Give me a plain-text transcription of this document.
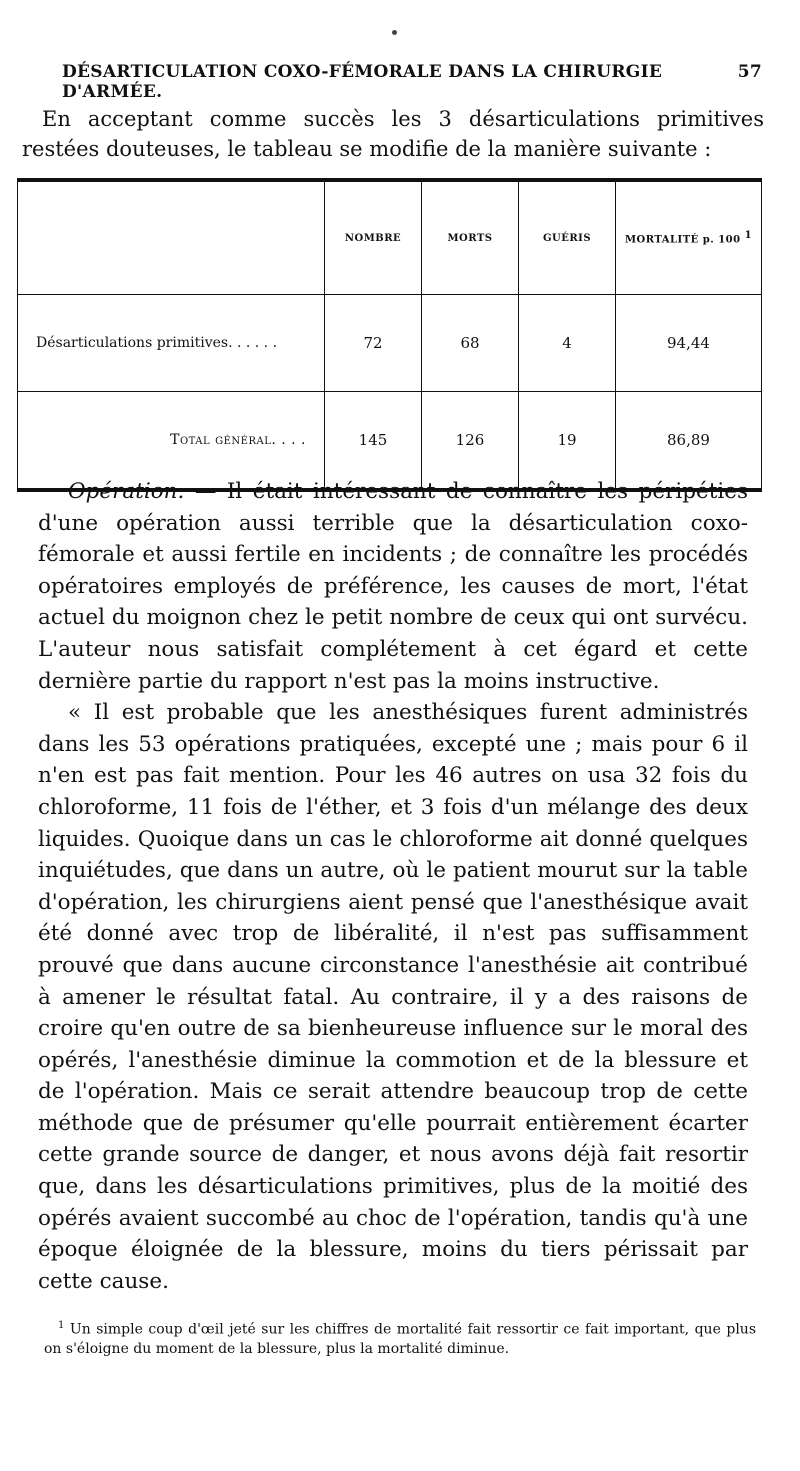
DÉSARTICULATION COXO-FÉMORALE DANS LA CHIRURGIE D'ARMÉE.
57

En acceptant comme succès les 3 désarticulations primitives restées douteuses, le tableau se modifie de la manière suivante :

	NOMBRE	MORTS	GUÉRIS	MORTALITÉ p. 100 1
Désarticulations primitives. . . . . .	72	68	4	94,44
Total général. . . .	145	126	19	86,89

Opération. — Il était intéressant de connaître les péripéties d'une opération aussi terrible que la désarticulation coxo-fémorale et aussi fertile en incidents ; de connaître les procédés opératoires employés de préférence, les causes de mort, l'état actuel du moignon chez le petit nombre de ceux qui ont survécu. L'auteur nous satisfait complétement à cet égard et cette dernière partie du rapport n'est pas la moins instructive.

« Il est probable que les anesthésiques furent administrés dans les 53 opérations pratiquées, excepté une ; mais pour 6 il n'en est pas fait mention. Pour les 46 autres on usa 32 fois du chloroforme, 11 fois de l'éther, et 3 fois d'un mélange des deux liquides. Quoique dans un cas le chloroforme ait donné quelques inquiétudes, que dans un autre, où le patient mourut sur la table d'opération, les chirurgiens aient pensé que l'anesthésique avait été donné avec trop de libéralité, il n'est pas suffisamment prouvé que dans aucune circonstance l'anesthésie ait contribué à amener le résultat fatal. Au contraire, il y a des raisons de croire qu'en outre de sa bienheureuse influence sur le moral des opérés, l'anesthésie diminue la commotion et de la blessure et de l'opération. Mais ce serait attendre beaucoup trop de cette méthode que de présumer qu'elle pourrait entièrement écarter cette grande source de danger, et nous avons déjà fait resortir que, dans les désarticulations primitives, plus de la moitié des opérés avaient succombé au choc de l'opération, tandis qu'à une époque éloignée de la blessure, moins du tiers périssait par cette cause.

$^1$ Un simple coup d'œil jeté sur les chiffres de mortalité fait ressortir ce fait important, que plus on s'éloigne du moment de la blessure, plus la mortalité diminue.
